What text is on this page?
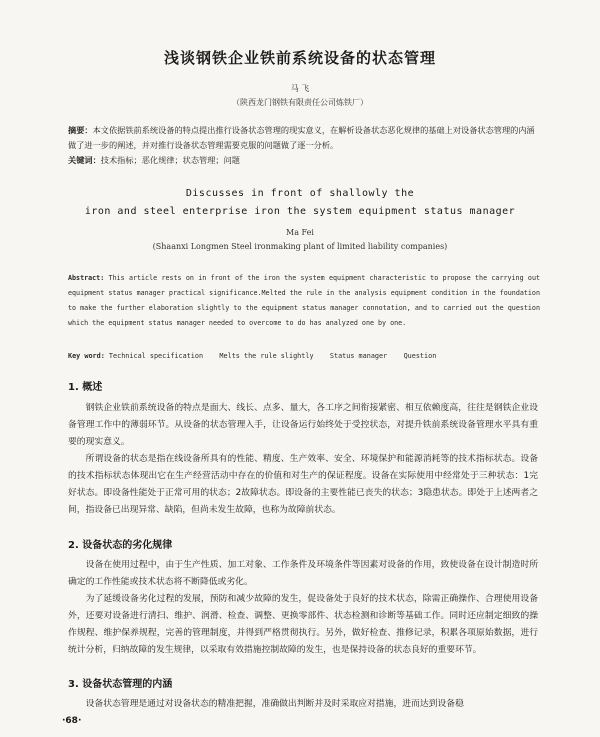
浅谈钢铁企业铁前系统设备的状态管理
马 飞
（陕西龙门钢铁有限责任公司炼铁厂）
摘要：本文依据铁前系统设备的特点提出推行设备状态管理的现实意义，在解析设备状态恶化规律的基础上对设备状态管理的内涵做了进一步的阐述，并对推行设备状态管理需要克服的问题做了逐一分析。
关键词：技术指标；恶化规律；状态管理；问题
Discusses in front of shallowly the
iron and steel enterprise iron the system equipment status manager
Ma Fei
(Shaanxi Longmen Steel ironmaking plant of limited liability companies)
Abstract: This article rests on in front of the iron the system equipment characteristic to propose the carrying out equipment status manager practical significance.Melted the rule in the analysis equipment condition in the foundation to make the further elaboration slightly to the equipment status manager connotation, and to carried out the question which the equipment status manager needed to overcome to do has analyzed one by one.
Key word: Technical specification    Melts the rule slightly    Status manager    Question
1. 概述

钢铁企业铁前系统设备的特点是面大、线长、点多、量大，各工序之间衔接紧密、相互依赖度高，往往是钢铁企业设备管理工作中的薄弱环节。从设备的状态管理入手，让设备运行始终处于受控状态，对提升铁前系统设备管理水平具有重要的现实意义。

所谓设备的状态是指在线设备所具有的性能、精度、生产效率、安全、环境保护和能源消耗等的技术指标状态。设备的技术指标状态体现出它在生产经营活动中存在的价值和对生产的保证程度。设备在实际使用中经常处于三种状态：1完好状态。即设备性能处于正常可用的状态；2故障状态。即设备的主要性能已丧失的状态；3隐患状态。即处于上述两者之间，指设备已出现异常、缺陷，但尚未发生故障，也称为故障前状态。

2. 设备状态的劣化规律

设备在使用过程中，由于生产性质、加工对象、工作条件及环境条件等因素对设备的作用，致使设备在设计制造时所确定的工作性能或技术状态将不断降低或劣化。

为了延缓设备劣化过程的发展，预防和减少故障的发生，促设备处于良好的技术状态，除需正确操作、合理使用设备外，还要对设备进行清扫、维护、润滑、检查、调整、更换零部件、状态检测和诊断等基础工作。同时还应制定细致的操作规程、维护保养规程，完善的管理制度，并得到严格贯彻执行。另外，做好检查、推修记录，积累各项原始数据，进行统计分析，归纳故障的发生规律，以采取有效措施控制故障的发生，也是保持设备的状态良好的重要环节。

3. 设备状态管理的内涵

设备状态管理是通过对设备状态的精准把握，准确做出判断并及时采取应对措施，进而达到设备稳

·68·
